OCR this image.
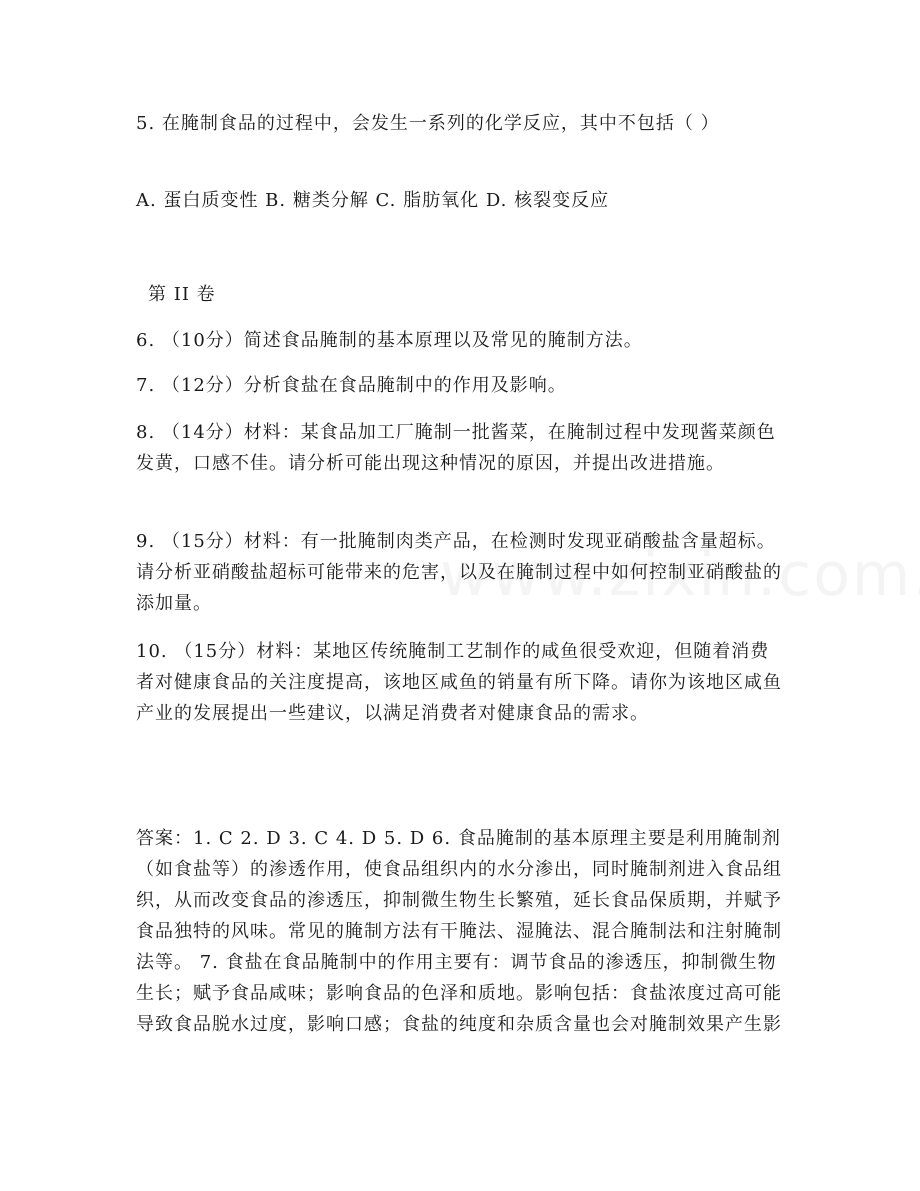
5. 在腌制食品的过程中，会发生一系列的化学反应，其中不包括（ ）

A. 蛋白质变性 B. 糖类分解 C. 脂肪氧化 D. 核裂变反应

第 II 卷

6. （10分）简述食品腌制的基本原理以及常见的腌制方法。

7. （12分）分析食盐在食品腌制中的作用及影响。

8. （14分）材料：某食品加工厂腌制一批酱菜，在腌制过程中发现酱菜颜色发黄，口感不佳。请分析可能出现这种情况的原因，并提出改进措施。

9. （15分）材料：有一批腌制肉类产品，在检测时发现亚硝酸盐含量超标。请分析亚硝酸盐超标可能带来的危害，以及在腌制过程中如何控制亚硝酸盐的添加量。

10. （15分）材料：某地区传统腌制工艺制作的咸鱼很受欢迎，但随着消费者对健康食品的关注度提高，该地区咸鱼的销量有所下降。请你为该地区咸鱼产业的发展提出一些建议，以满足消费者对健康食品的需求。

答案：1. C 2. D 3. C 4. D 5. D 6. 食品腌制的基本原理主要是利用腌制剂（如食盐等）的渗透作用，使食品组织内的水分渗出，同时腌制剂进入食品组织，从而改变食品的渗透压，抑制微生物生长繁殖，延长食品保质期，并赋予食品独特的风味。常见的腌制方法有干腌法、湿腌法、混合腌制法和注射腌制法等。 7. 食盐在食品腌制中的作用主要有：调节食品的渗透压，抑制微生物生长；赋予食品咸味；影响食品的色泽和质地。影响包括：食盐浓度过高可能导致食品脱水过度，影响口感；食盐的纯度和杂质含量也会对腌制效果产生影
